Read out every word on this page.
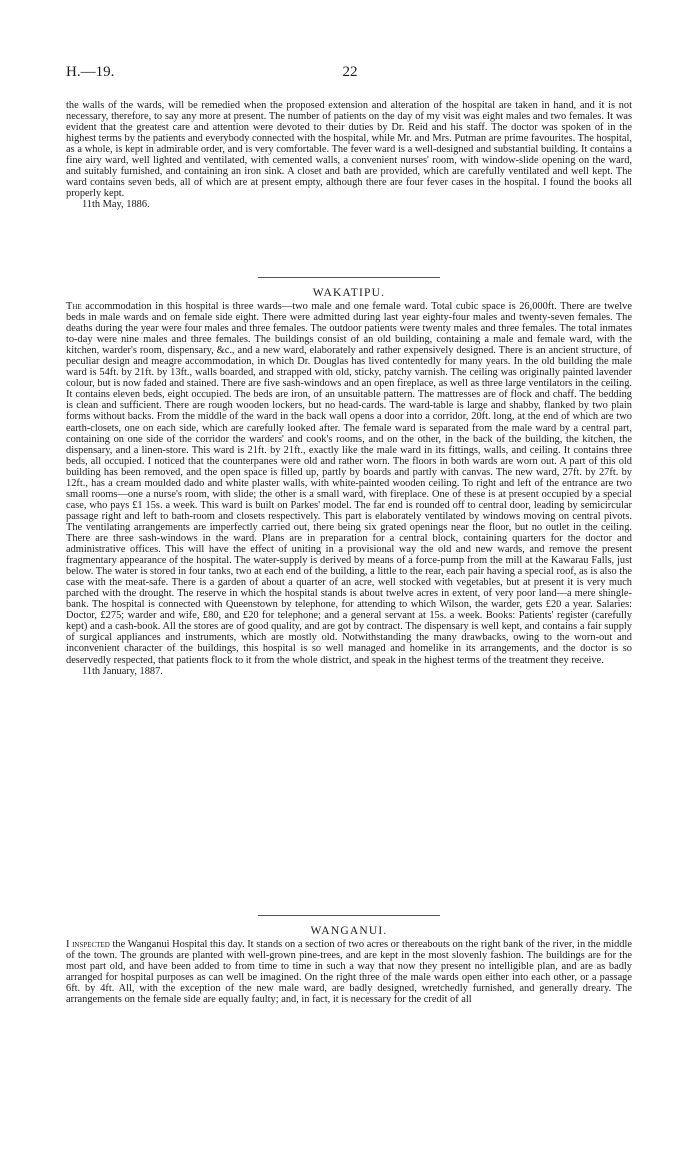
H.—19.	22

the walls of the wards, will be remedied when the proposed extension and alteration of the hospital are taken in hand, and it is not necessary, therefore, to say any more at present. The number of patients on the day of my visit was eight males and two females. It was evident that the greatest care and attention were devoted to their duties by Dr. Reid and his staff. The doctor was spoken of in the highest terms by the patients and everybody connected with the hospital, while Mr. and Mrs. Putman are prime favourites. The hospital, as a whole, is kept in admirable order, and is very comfortable. The fever ward is a well-designed and substantial building. It contains a fine airy ward, well lighted and ventilated, with cemented walls, a convenient nurses' room, with window-slide opening on the ward, and suitably furnished, and containing an iron sink. A closet and bath are provided, which are carefully ventilated and well kept. The ward contains seven beds, all of which are at present empty, although there are four fever cases in the hospital. I found the books all properly kept.

11th May, 1886.

WAKATIPU.

The accommodation in this hospital is three wards—two male and one female ward. Total cubic space is 26,000ft. There are twelve beds in male wards and on female side eight. There were admitted during last year eighty-four males and twenty-seven females. The deaths during the year were four males and three females. The outdoor patients were twenty males and three females. The total inmates to-day were nine males and three females. The buildings consist of an old building, containing a male and female ward, with the kitchen, warder's room, dispensary, &c., and a new ward, elaborately and rather expensively designed. There is an ancient structure, of peculiar design and meagre accommodation, in which Dr. Douglas has lived contentedly for many years. In the old building the male ward is 54ft. by 21ft. by 13ft., walls boarded, and strapped with old, sticky, patchy varnish. The ceiling was originally painted lavender colour, but is now faded and stained. There are five sash-windows and an open fireplace, as well as three large ventilators in the ceiling. It contains eleven beds, eight occupied. The beds are iron, of an unsuitable pattern. The mattresses are of flock and chaff. The bedding is clean and sufficient. There are rough wooden lockers, but no head-cards. The ward-table is large and shabby, flanked by two plain forms without backs. From the middle of the ward in the back wall opens a door into a corridor, 20ft. long, at the end of which are two earth-closets, one on each side, which are carefully looked after. The female ward is separated from the male ward by a central part, containing on one side of the corridor the warders' and cook's rooms, and on the other, in the back of the building, the kitchen, the dispensary, and a linen-store. This ward is 21ft. by 21ft., exactly like the male ward in its fittings, walls, and ceiling. It contains three beds, all occupied. I noticed that the counterpanes were old and rather worn. The floors in both wards are worn out. A part of this old building has been removed, and the open space is filled up, partly by boards and partly with canvas. The new ward, 27ft. by 27ft. by 12ft., has a cream moulded dado and white plaster walls, with white-painted wooden ceiling. To right and left of the entrance are two small rooms—one a nurse's room, with slide; the other is a small ward, with fireplace. One of these is at present occupied by a special case, who pays £1 15s. a week. This ward is built on Parkes' model. The far end is rounded off to central door, leading by semicircular passage right and left to bath-room and closets respectively. This part is elaborately ventilated by windows moving on central pivots. The ventilating arrangements are imperfectly carried out, there being six grated openings near the floor, but no outlet in the ceiling. There are three sash-windows in the ward. Plans are in preparation for a central block, containing quarters for the doctor and administrative offices. This will have the effect of uniting in a provisional way the old and new wards, and remove the present fragmentary appearance of the hospital. The water-supply is derived by means of a force-pump from the mill at the Kawarau Falls, just below. The water is stored in four tanks, two at each end of the building, a little to the rear, each pair having a special roof, as is also the case with the meat-safe. There is a garden of about a quarter of an acre, well stocked with vegetables, but at present it is very much parched with the drought. The reserve in which the hospital stands is about twelve acres in extent, of very poor land—a mere shingle-bank. The hospital is connected with Queenstown by telephone, for attending to which Wilson, the warder, gets £20 a year. Salaries: Doctor, £275; warder and wife, £80, and £20 for telephone; and a general servant at 15s. a week. Books: Patients' register (carefully kept) and a cash-book. All the stores are of good quality, and are got by contract. The dispensary is well kept, and contains a fair supply of surgical appliances and instruments, which are mostly old. Notwithstanding the many drawbacks, owing to the worn-out and inconvenient character of the buildings, this hospital is so well managed and homelike in its arrangements, and the doctor is so deservedly respected, that patients flock to it from the whole district, and speak in the highest terms of the treatment they receive.

11th January, 1887.

WANGANUI.

I inspected the Wanganui Hospital this day. It stands on a section of two acres or thereabouts on the right bank of the river, in the middle of the town. The grounds are planted with well-grown pine-trees, and are kept in the most slovenly fashion. The buildings are for the most part old, and have been added to from time to time in such a way that now they present no intelligible plan, and are as badly arranged for hospital purposes as can well be imagined. On the right three of the male wards open either into each other, or a passage 6ft. by 4ft. All, with the exception of the new male ward, are badly designed, wretchedly furnished, and generally dreary. The arrangements on the female side are equally faulty; and, in fact, it is necessary for the credit of all
